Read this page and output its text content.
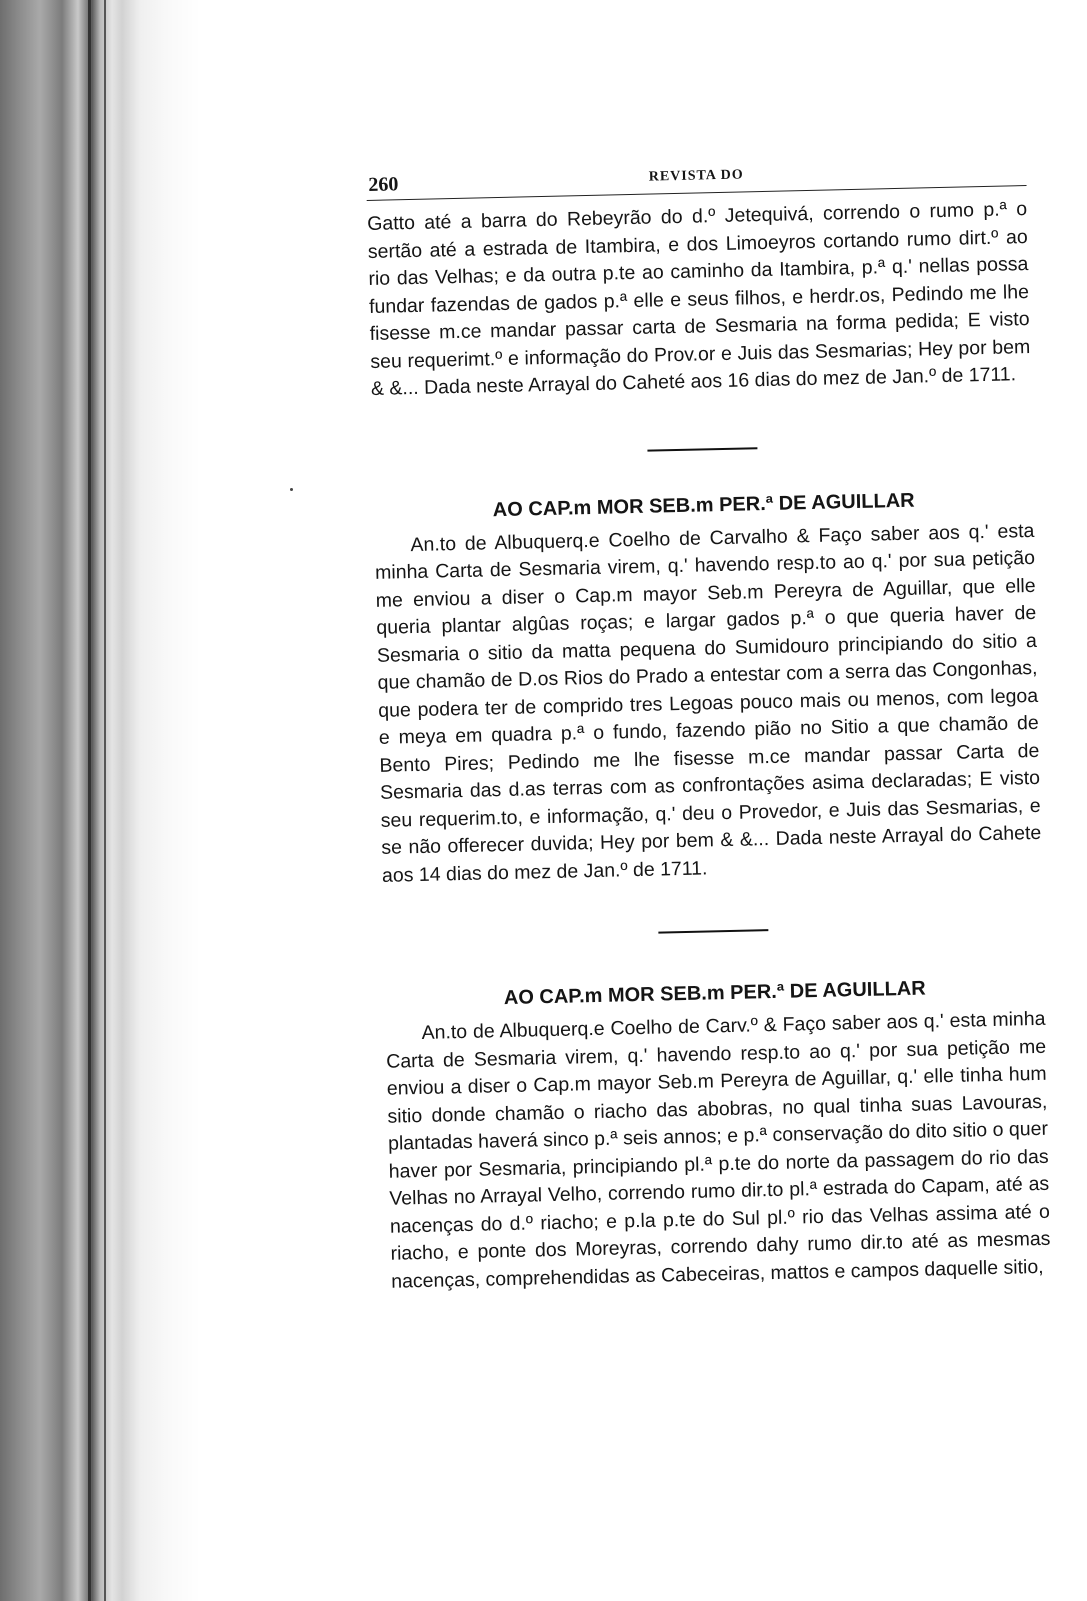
260	REVISTA DO

Gatto até a barra do Rebeyrão do d.º Jetequivá, correndo o rumo p.ª o sertão até a estrada de Itambira, e dos Limoeyros cortando rumo dirt.º ao rio das Velhas; e da outra p.te ao caminho da Itambira, p.ª q.' nellas possa fundar fazendas de gados p.ª elle e seus filhos, e herdr.os, Pedindo me lhe fisesse m.ce mandar passar carta de Sesmaria na forma pedida; E visto seu requerimt.º e informação do Prov.or e Juis das Sesmarias; Hey por bem & &... Dada neste Arrayal do Caheté aos 16 dias do mez de Jan.º de 1711.

AO CAP.m MOR SEB.m PER.ª DE AGUILLAR

An.to de Albuquerq.e Coelho de Carvalho & Faço saber aos q.' esta minha Carta de Sesmaria virem, q.' havendo resp.to ao q.' por sua petição me enviou a diser o Cap.m mayor Seb.m Pereyra de Aguillar, que elle queria plantar algûas roças; e largar gados p.ª o que queria haver de Sesmaria o sitio da matta pequena do Sumidouro principiando do sitio a que chamão de D.os Rios do Prado a entestar com a serra das Congonhas, que podera ter de comprido tres Legoas pouco mais ou menos, com legoa e meya em quadra p.ª o fundo, fazendo pião no Sitio a que chamão de Bento Pires; Pedindo me lhe fisesse m.ce mandar passar Carta de Sesmaria das d.as terras com as confrontações asima declaradas; E visto seu requerim.to, e informação, q.' deu o Provedor, e Juis das Sesmarias, e se não offerecer duvida; Hey por bem & &... Dada neste Arrayal do Cahete aos 14 dias do mez de Jan.º de 1711.

AO CAP.m MOR SEB.m PER.ª DE AGUILLAR

An.to de Albuquerq.e Coelho de Carv.º & Faço saber aos q.' esta minha Carta de Sesmaria virem, q.' havendo resp.to ao q.' por sua petição me enviou a diser o Cap.m mayor Seb.m Pereyra de Aguillar, q.' elle tinha hum sitio donde chamão o riacho das abobras, no qual tinha suas Lavouras, plantadas haverá sinco p.ª seis annos; e p.ª conservação do dito sitio o quer haver por Sesmaria, principiando pl.ª p.te do norte da passagem do rio das Velhas no Arrayal Velho, correndo rumo dir.to pl.ª estrada do Capam, até as nacenças do d.º riacho; e p.la p.te do Sul pl.º rio das Velhas assima até o riacho, e ponte dos Moreyras, correndo dahy rumo dir.to até as mesmas nacenças, comprehendidas as Cabeceiras, mattos e campos daquelle sitio,
